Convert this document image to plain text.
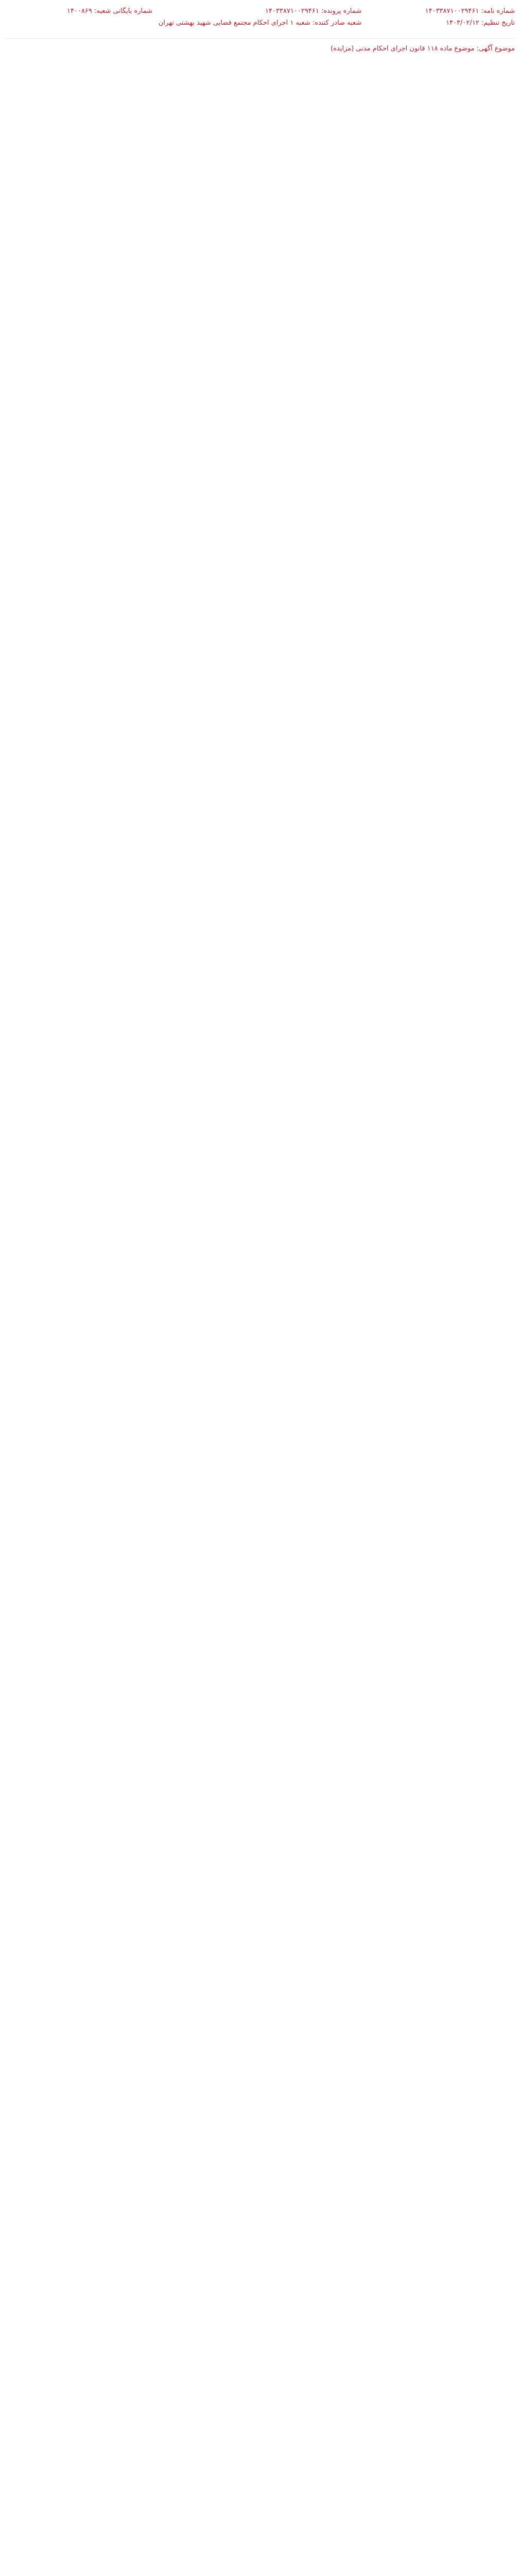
شماره نامه: ۱۴۰۳۳۸۷۱۰۰۲۹۴۶۱
تاریخ تنظیم: ۱۴۰۳/۰۲/۱۲
شماره پرونده: ۱۴۰۳۳۸۷۱۰۰۲۹۴۶۱
شعبه صادر کننده: شعبه ۱ اجرای احکام مجتمع قضایی شهید بهشتی تهران
شماره بایگانی شعبه: ۱۴۰۰۸۶۹
موضوع آگهی: موضوع ماده ۱۱۸ قانون اجرای احکام مدنی (مزایده)
